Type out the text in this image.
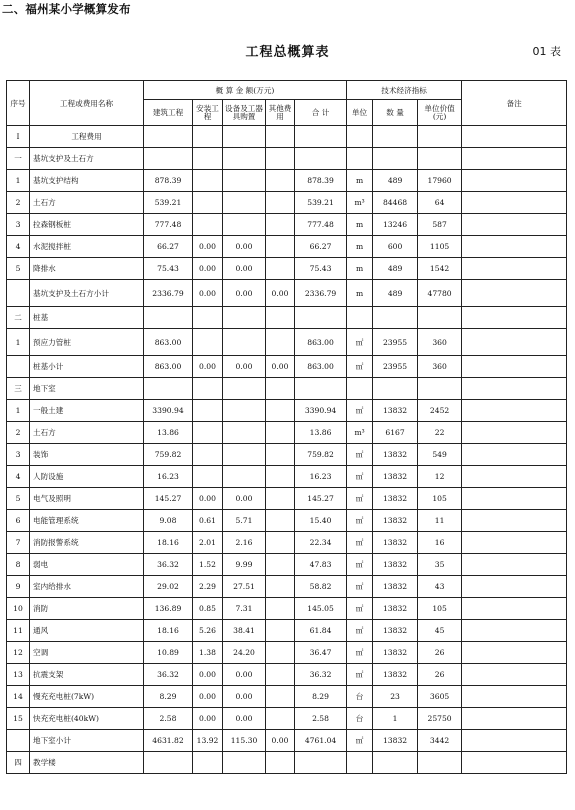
二、福州某小学概算发布
工程总概算表	01 表
序号	工程或费用名称	概 算 金 额(万元)					技术经济指标			备注
		建筑工程	安装工程	设备及工器具购置	其他费用	合 计	单位	数 量	单位价值(元)	
Ⅰ	工程费用									
一	基坑支护及土石方									
1	基坑支护结构	878.39				878.39	m	489	17960	
2	土石方	539.21				539.21	m³	84468	64	
3	拉森钢板桩	777.48				777.48	m	13246	587	
4	水泥搅拌桩	66.27	0.00	0.00		66.27	m	600	1105	
5	降排水	75.43	0.00	0.00		75.43	m	489	1542	
	基坑支护及土石方小计	2336.79	0.00	0.00	0.00	2336.79	m	489	47780	
二	桩基									
1	预应力管桩	863.00				863.00	㎡	23955	360	
	桩基小计	863.00	0.00	0.00	0.00	863.00	㎡	23955	360	
三	地下室									
1	一般土建	3390.94				3390.94	㎡	13832	2452	
2	土石方	13.86				13.86	m³	6167	22	
3	装饰	759.82				759.82	㎡	13832	549	
4	人防设施	16.23				16.23	㎡	13832	12	
5	电气及照明	145.27	0.00	0.00		145.27	㎡	13832	105	
6	电能管理系统	9.08	0.61	5.71		15.40	㎡	13832	11	
7	消防报警系统	18.16	2.01	2.16		22.34	㎡	13832	16	
8	弱电	36.32	1.52	9.99		47.83	㎡	13832	35	
9	室内给排水	29.02	2.29	27.51		58.82	㎡	13832	43	
10	消防	136.89	0.85	7.31		145.05	㎡	13832	105	
11	通风	18.16	5.26	38.41		61.84	㎡	13832	45	
12	空调	10.89	1.38	24.20		36.47	㎡	13832	26	
13	抗震支架	36.32	0.00	0.00		36.32	㎡	13832	26	
14	慢充充电桩(7kW)	8.29	0.00	0.00		8.29	台	23	3605	
15	快充充电桩(40kW)	2.58	0.00	0.00		2.58	台	1	25750	
	地下室小计	4631.82	13.92	115.30	0.00	4761.04	㎡	13832	3442	
四	教学楼									
